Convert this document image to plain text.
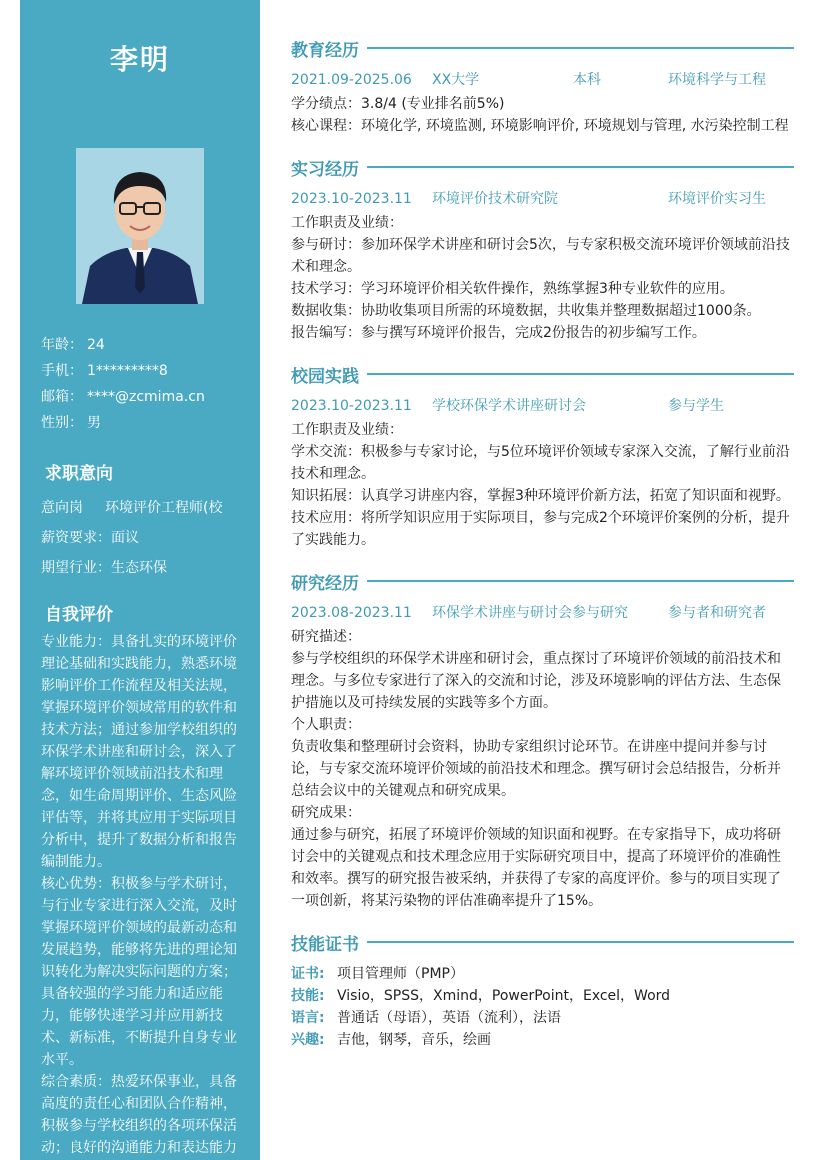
李明
年龄： 24
手机： 1*********8
邮箱： ****@zcmima.cn
性别： 男
求职意向
意向岗 环境评价工程师(校
薪资要求：面议
期望行业：生态环保
自我评价

专业能力：具备扎实的环境评价理论基础和实践能力，熟悉环境影响评价工作流程及相关法规，掌握环境评价领域常用的软件和技术方法；通过参加学校组织的环保学术讲座和研讨会，深入了解环境评价领域前沿技术和理念，如生命周期评价、生态风险评估等，并将其应用于实际项目分析中，提升了数据分析和报告编制能力。

核心优势：积极参与学术研讨，与行业专家进行深入交流，及时掌握环境评价领域的最新动态和发展趋势，能够将先进的理论知识转化为解决实际问题的方案；具备较强的学习能力和适应能力，能够快速学习并应用新技术、新标准，不断提升自身专业水平。

综合素质：热爱环保事业，具备高度的责任心和团队合作精神，积极参与学校组织的各项环保活动；良好的沟通能力和表达能力

教育经历
2021.09-2025.06 XX大学	本科	环境科学与工程

学分绩点：3.8/4 (专业排名前5%)

核心课程：环境化学, 环境监测, 环境影响评价, 环境规划与管理, 水污染控制工程

实习经历
2023.10-2023.11 环境评价技术研究院	环境评价实习生

工作职责及业绩：

参与研讨：参加环保学术讲座和研讨会5次，与专家积极交流环境评价领域前沿技术和理念。

技术学习：学习环境评价相关软件操作，熟练掌握3种专业软件的应用。

数据收集：协助收集项目所需的环境数据，共收集并整理数据超过1000条。

报告编写：参与撰写环境评价报告，完成2份报告的初步编写工作。

校园实践
2023.10-2023.11 学校环保学术讲座研讨会	参与学生

工作职责及业绩：

学术交流：积极参与专家讨论，与5位环境评价领域专家深入交流，了解行业前沿技术和理念。

知识拓展：认真学习讲座内容，掌握3种环境评价新方法，拓宽了知识面和视野。

技术应用：将所学知识应用于实际项目，参与完成2个环境评价案例的分析，提升了实践能力。

研究经历
2023.08-2023.11 环保学术讲座与研讨会参与研究	参与者和研究者

研究描述：

参与学校组织的环保学术讲座和研讨会，重点探讨了环境评价领域的前沿技术和理念。与多位专家进行了深入的交流和讨论，涉及环境影响的评估方法、生态保护措施以及可持续发展的实践等多个方面。

个人职责：

负责收集和整理研讨会资料，协助专家组织讨论环节。在讲座中提问并参与讨论，与专家交流环境评价领域的前沿技术和理念。撰写研讨会总结报告，分析并总结会议中的关键观点和研究成果。

研究成果：

通过参与研究，拓展了环境评价领域的知识面和视野。在专家指导下，成功将研讨会中的关键观点和技术理念应用于实际研究项目中，提高了环境评价的准确性和效率。撰写的研究报告被采纳，并获得了专家的高度评价。参与的项目实现了一项创新，将某污染物的评估准确率提升了15%。

技能证书
证书: 项目管理师（PMP）
技能: Visio，SPSS，Xmind，PowerPoint，Excel，Word
语言: 普通话（母语），英语（流利），法语
兴趣: 吉他，钢琴，音乐，绘画
